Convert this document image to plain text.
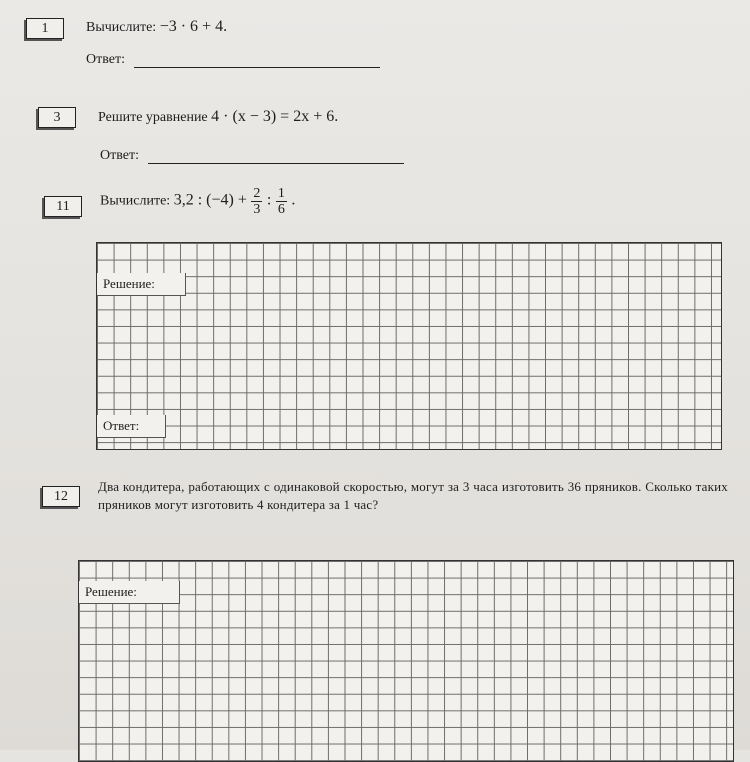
1	Вычислите: −3 · 6 + 4.
Ответ:
3	Решите уравнение 4 · (x − 3) = 2x + 6.
Ответ:
11	Вычислите: 3,2 : $(-4) + \frac{2}{3}$ : $\frac{1}{6}$ .
Решение:
Ответ:
12
Два кондитера, работающих с одинаковой скоростью, могут за 3 часа изготовить 36 пряников. Сколько таких пряников могут изготовить 4 кондитера за 1 час?
Решение:
